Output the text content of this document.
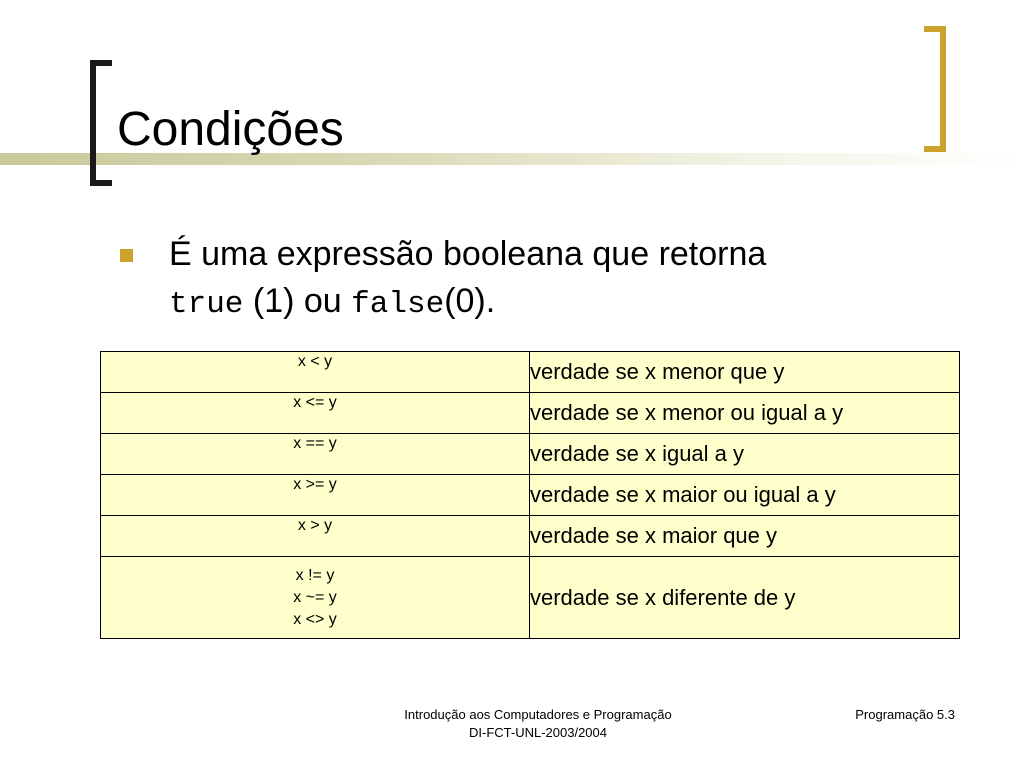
Condições
É uma expressão booleana que retorna
true (1) ou false(0).
x < y	verdade se x menor que y
x <= y	verdade se x menor ou igual a y
x == y	verdade se x igual a y
x >= y	verdade se x maior ou igual a y
x > y	verdade se x maior que y

x != y
x ~= y
x <> y	verdade se x diferente de y
Introdução aos Computadores e Programação
DI-FCT-UNL-2003/2004
Programação 5.3
